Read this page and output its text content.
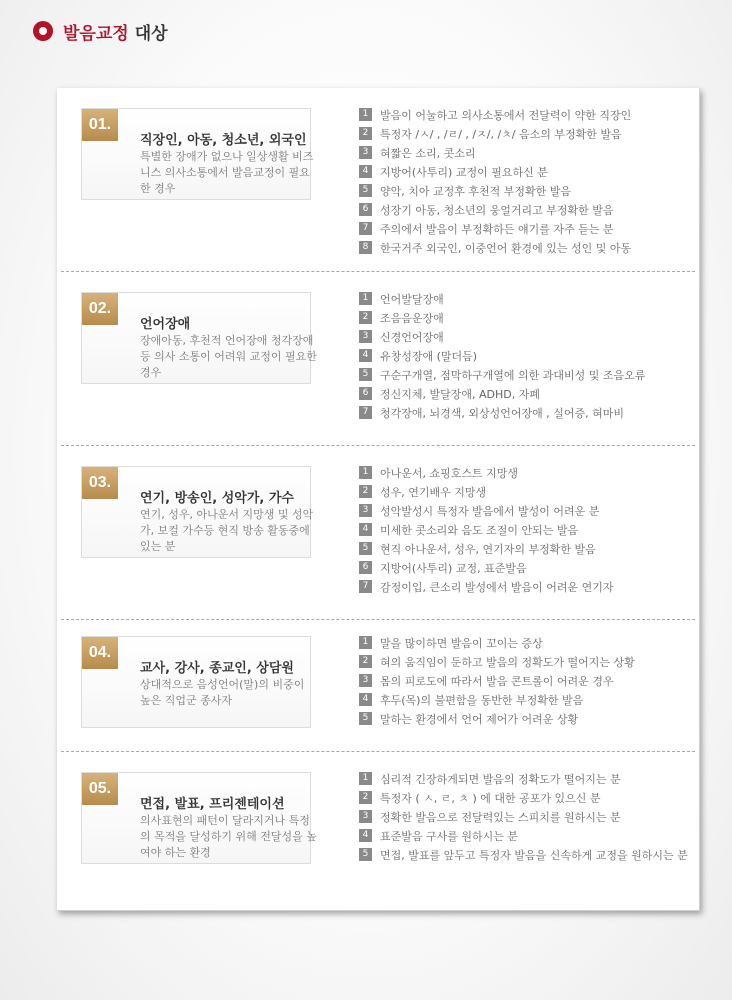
발음교정 대상
01.
직장인, 아동, 청소년, 외국인
특별한 장애가 없으나 일상생활 비즈니스 의사소통에서 발음교정이 필요한 경우
1	발음이 어눌하고 의사소통에서 전달력이 약한 직장인
2	특정자 /ㅅ/ , /ㄹ/ , /ㅈ/, /ㅊ/ 음소의 부정확한 발음
3	혀짧은 소리, 콧소리
4	지방어(사투리) 교정이 필요하신 분
5	양악, 치아 교정후 후천적 부정확한 발음
6	성장기 아동, 청소년의 웅얼거리고 부정확한 발음
7	주의에서 발음이 부정확하든 얘기를 자주 듣는 분
8	한국거주 외국인, 이중언어 환경에 있는 성인 및 아동
02.
언어장애
장애아동, 후천적 언어장애 청각장애등 의사 소통이 어려워 교정이 필요한 경우
1	언어발달장애
2	조음음운장애
3	신경언어장애
4	유창성장애 (말더듬)
5	구순구개열, 점막하구개열에 의한 과대비성 및 조음오류
6	정신지체, 발달장애, ADHD, 자폐
7	청각장애, 뇌경색, 외상성언어장애 , 실어증, 혀마비
03.
연기, 방송인, 성악가, 가수
연기, 성우, 아나운서 지망생 및 성악가, 보컬 가수등 현직 방송 활동중에 있는 분
1	아나운서, 쇼핑호스트 지망생
2	성우, 연기배우 지망생
3	성악발성시 특정자 발음에서 발성이 어려운 분
4	미세한 콧소리와 음도 조절이 안되는 발음
5	현직 아나운서, 성우, 연기자의 부정확한 발음
6	지방어(사투리) 교정, 표준발음
7	감정이입, 큰소리 발성에서 발음이 어려운 연기자
04.
교사, 강사, 종교인, 상담원
상대적으로 음성언어(말)의 비중이 높은 직업군 종사자
1	말을 많이하면 발음이 꼬이는 증상
2	혀의 움직임이 둔하고 발음의 정확도가 떨어지는 상황
3	몸의 피로도에 따라서 발음 콘트롤이 어려운 경우
4	후두(목)의 불편함을 동반한 부정확한 발음
5	말하는 환경에서 언어 제어가 어려운 상황
05.
면접, 발표, 프리젠테이션
의사표현의 패턴이 달라지거나 특정의 목적을 달성하기 위해 전달성을 높여야 하는 환경
1	심리적 긴장하게되면 발음의 정확도가 떨어지는 분
2	특정자 ( ㅅ, ㄹ, ㅊ ) 에 대한 공포가 있으신 분
3	정확한 발음으로 전달력있는 스피치를 원하시는 분
4	표준발음 구사를 원하시는 분
5	면접, 발표를 앞두고 특정자 발음을 신속하게 교정을 원하시는 분
